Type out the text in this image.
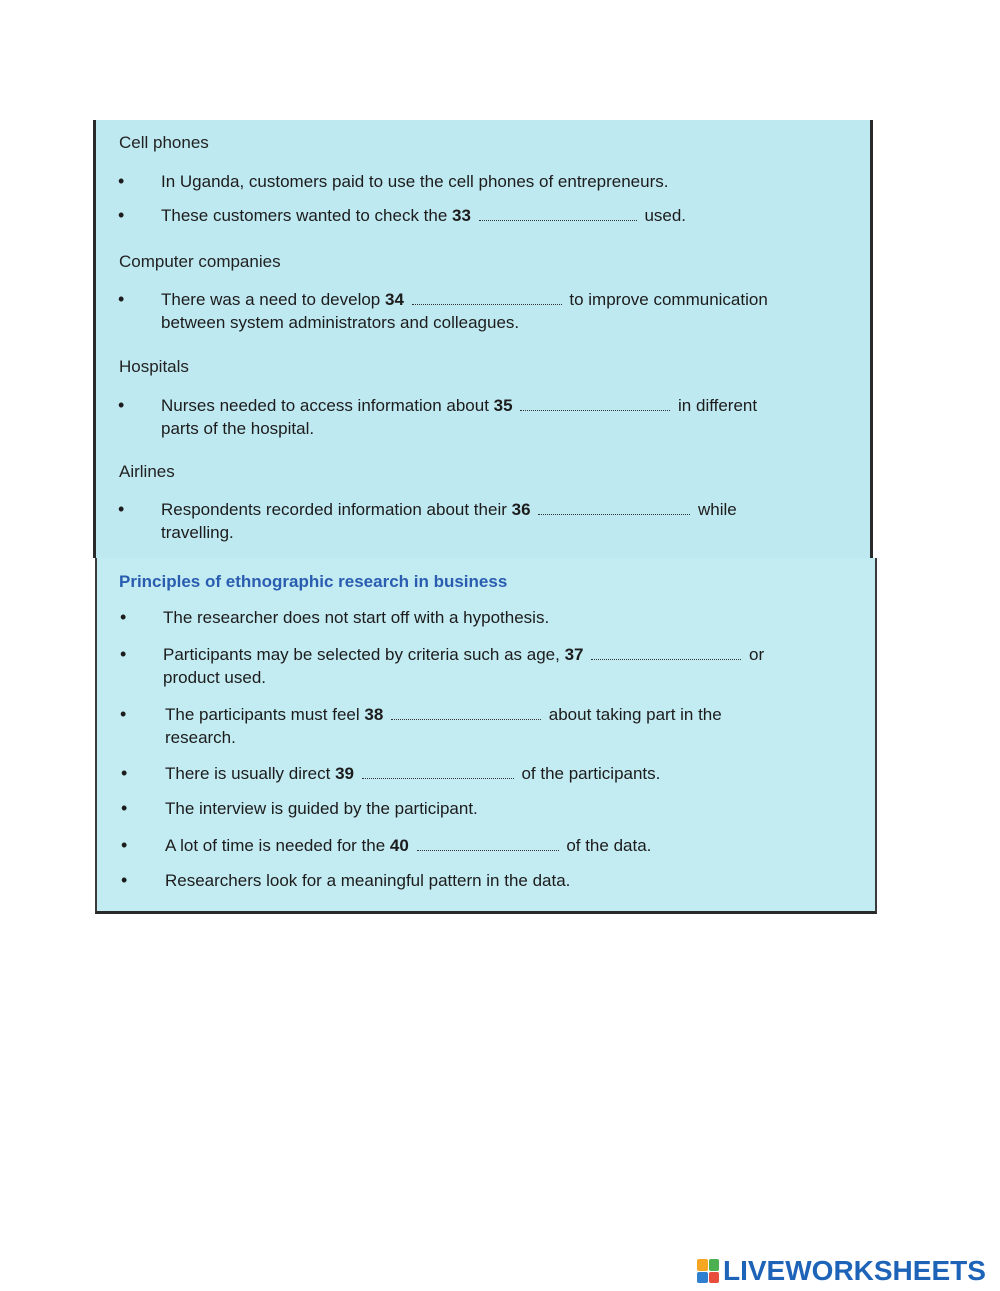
Cell phones
• In Uganda, customers paid to use the cell phones of entrepreneurs.
• These customers wanted to check the 33	used.
Computer companies
• There was a need to develop 34	to improve communication
between system administrators and colleagues.
Hospitals
• Nurses needed to access information about 35	in different
parts of the hospital.
Airlines
• Respondents recorded information about their 36	while
travelling.
Principles of ethnographic research in business
• The researcher does not start off with a hypothesis.
• Participants may be selected by criteria such as age, 37	or
product used.
• The participants must feel 38	about taking part in the
research.
• There is usually direct 39	of the participants.
• The interview is guided by the participant.
• A lot of time is needed for the 40	of the data.
• Researchers look for a meaningful pattern in the data.
LIVEWORKSHEETS
